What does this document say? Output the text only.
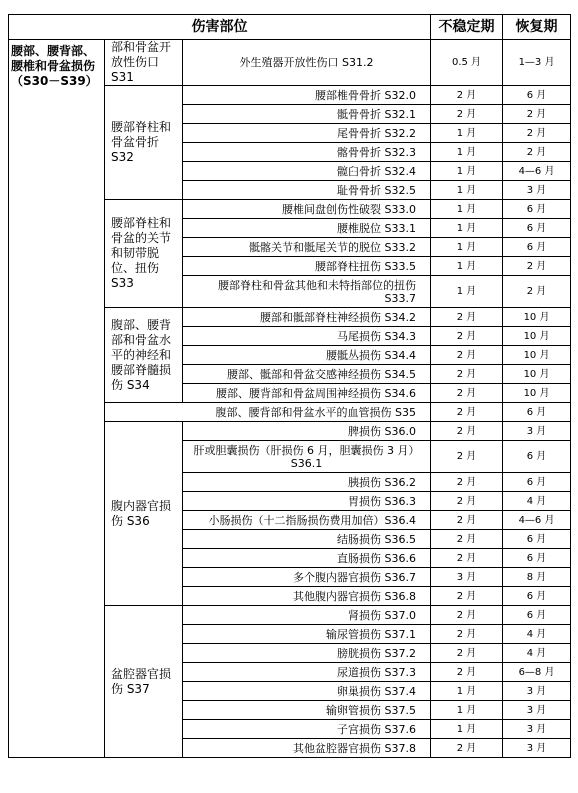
伤害部位			不稳定期	恢复期
腰部、腰背部、腰椎和骨盆损伤（S30－S39）	部和骨盆开放性伤口 S31	外生殖器开放性伤口 S31.2	0.5 月	1—3 月
	腰部脊柱和骨盆骨折 S32	腰部椎骨骨折 S32.0	2 月	6 月
		骶骨骨折 S32.1	2 月	2 月
		尾骨骨折 S32.2	1 月	2 月
		髂骨骨折 S32.3	1 月	2 月
		髋臼骨折 S32.4	1 月	4—6 月
		耻骨骨折 S32.5	1 月	3 月
	腰部脊柱和骨盆的关节和韧带脱位、扭伤 S33	腰椎间盘创伤性破裂 S33.0	1 月	6 月
		腰椎脱位 S33.1	1 月	6 月
		骶髂关节和骶尾关节的脱位 S33.2	1 月	6 月
		腰部脊柱扭伤 S33.5	1 月	2 月
		腰部脊柱和骨盆其他和未特指部位的扭伤 S33.7	1 月	2 月
	腹部、腰背部和骨盆水平的神经和腰部脊髓损伤 S34	腰部和骶部脊柱神经损伤 S34.2	2 月	10 月
		马尾损伤 S34.3	2 月	10 月
		腰骶丛损伤 S34.4	2 月	10 月
		腰部、骶部和骨盆交感神经损伤 S34.5	2 月	10 月
		腰部、腰背部和骨盆周围神经损伤 S34.6	2 月	10 月
	腹部、腰背部和骨盆水平的血管损伤 S35		2 月	6 月
	腹内器官损伤 S36	脾损伤 S36.0	2 月	3 月
		肝或胆囊损伤（肝损伤 6 月，胆囊损伤 3 月）S36.1	2 月	6 月
		胰损伤 S36.2	2 月	6 月
		胃损伤 S36.3	2 月	4 月
		小肠损伤（十二指肠损伤费用加倍）S36.4	2 月	4—6 月
		结肠损伤 S36.5	2 月	6 月
		直肠损伤 S36.6	2 月	6 月
		多个腹内器官损伤 S36.7	3 月	8 月
		其他腹内器官损伤 S36.8	2 月	6 月
	盆腔器官损伤 S37	肾损伤 S37.0	2 月	6 月
		输尿管损伤 S37.1	2 月	4 月
		膀胱损伤 S37.2	2 月	4 月
		尿道损伤 S37.3	2 月	6—8 月
		卵巢损伤 S37.4	1 月	3 月
		输卵管损伤 S37.5	1 月	3 月
		子宫损伤 S37.6	1 月	3 月
		其他盆腔器官损伤 S37.8	2 月	3 月
